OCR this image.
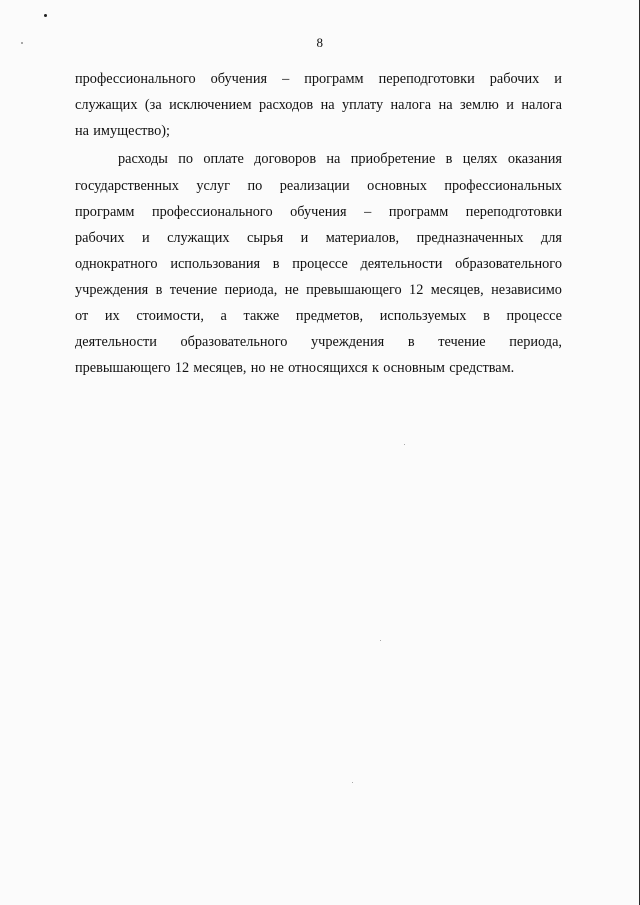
8
профессионального обучения – программ переподготовки рабочих и
служащих (за исключением расходов на уплату налога на землю и налога
на имущество);
расходы по оплате договоров на приобретение в целях оказания
государственных услуг по реализации основных профессиональных
программ профессионального обучения – программ переподготовки
рабочих и служащих сырья и материалов, предназначенных для
однократного использования в процессе деятельности образовательного
учреждения в течение периода, не превышающего 12 месяцев, независимо
от их стоимости, а также предметов, используемых в процессе
деятельности образовательного учреждения в течение периода,
превышающего 12 месяцев, но не относящихся к основным средствам.
